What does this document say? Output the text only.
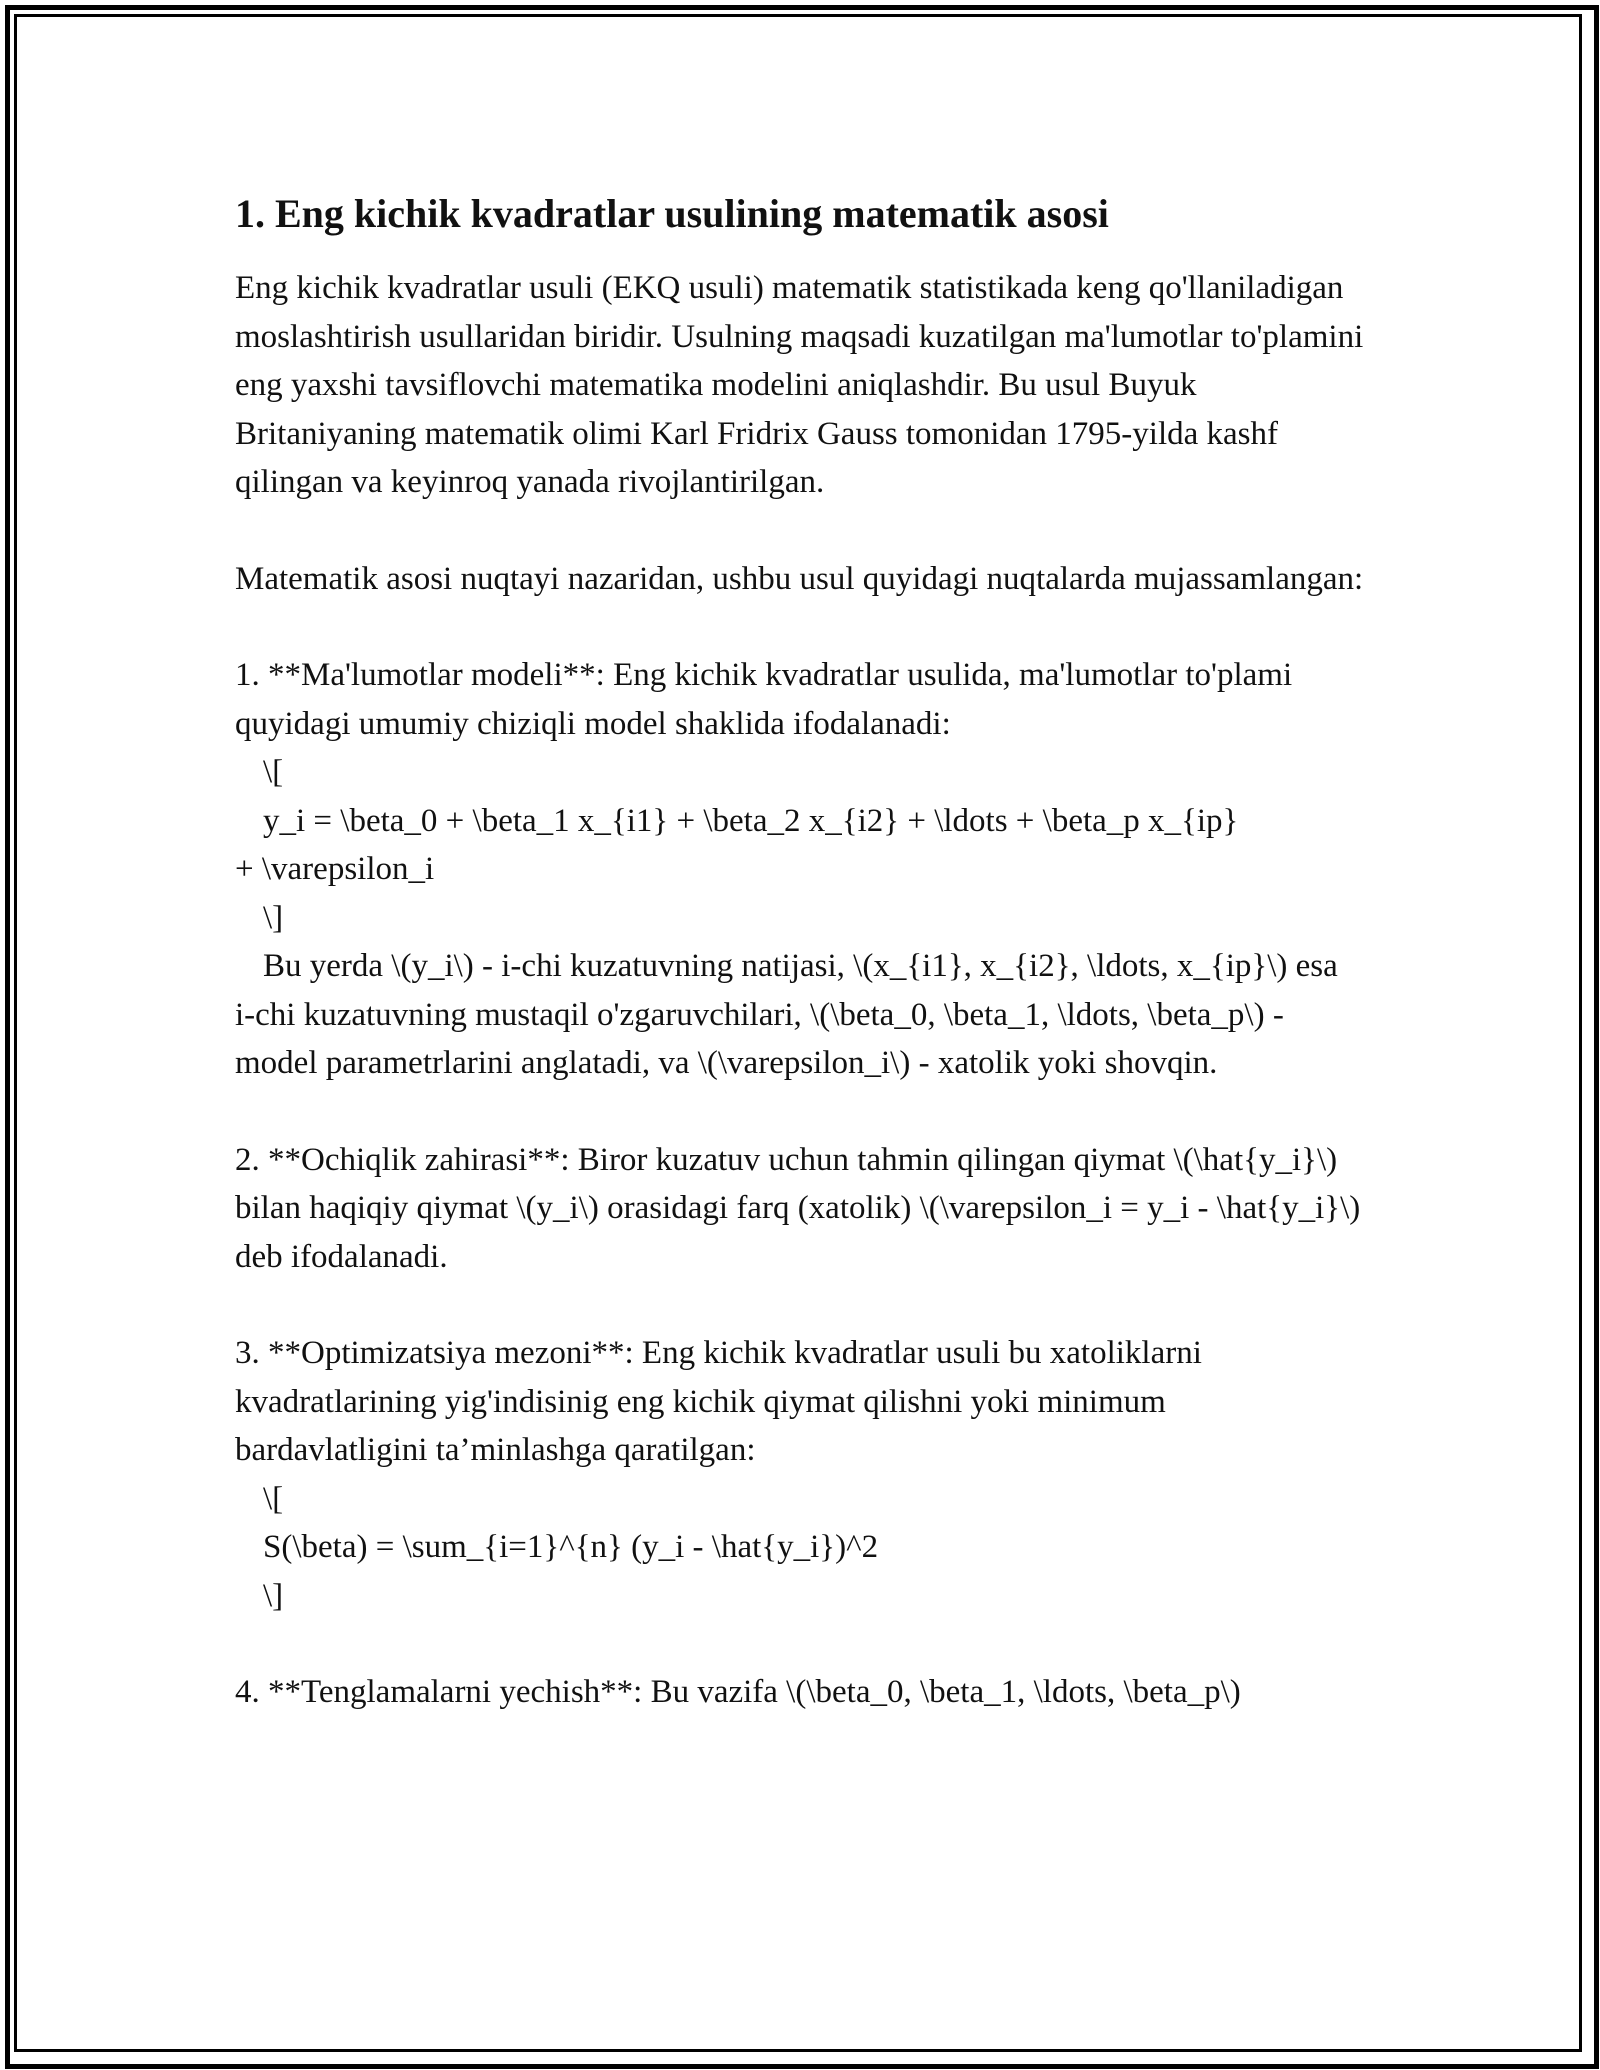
1. Eng kichik kvadratlar usulining matematik asosi

Eng kichik kvadratlar usuli (EKQ usuli) matematik statistikada keng qo'llaniladigan moslashtirish usullaridan biridir. Usulning maqsadi kuzatilgan ma'lumotlar to'plamini eng yaxshi tavsiflovchi matematika modelini aniqlashdir. Bu usul Buyuk Britaniyaning matematik olimi Karl Fridrix Gauss tomonidan 1795-yilda kashf qilingan va keyinroq yanada rivojlantirilgan.

Matematik asosi nuqtayi nazaridan, ushbu usul quyidagi nuqtalarda mujassamlangan:

1. **Ma'lumotlar modeli**: Eng kichik kvadratlar usulida, ma'lumotlar to'plami quyidagi umumiy chiziqli model shaklida ifodalanadi:
\[
y_i = \beta_0 + \beta_1 x_{i1} + \beta_2 x_{i2} + \ldots + \beta_p x_{ip}
+ \varepsilon_i
\]
Bu yerda \(y_i\) - i-chi kuzatuvning natijasi, \(x_{i1}, x_{i2}, \ldots, x_{ip}\) esa i-chi kuzatuvning mustaqil o'zgaruvchilari, \(\beta_0, \beta_1, \ldots, \beta_p\) - model parametrlarini anglatadi, va \(\varepsilon_i\) - xatolik yoki shovqin.

2. **Ochiqlik zahirasi**: Biror kuzatuv uchun tahmin qilingan qiymat \(\hat{y_i}\) bilan haqiqiy qiymat \(y_i\) orasidagi farq (xatolik) \(\varepsilon_i = y_i - \hat{y_i}\) deb ifodalanadi.

3. **Optimizatsiya mezoni**: Eng kichik kvadratlar usuli bu xatoliklarni kvadratlarining yig'indisinig eng kichik qiymat qilishni yoki minimum bardavlatligini ta’minlashga qaratilgan:
\[
S(\beta) = \sum_{i=1}^{n} (y_i - \hat{y_i})^2
\]

4. **Tenglamalarni yechish**: Bu vazifa \(\beta_0, \beta_1, \ldots, \beta_p\)
